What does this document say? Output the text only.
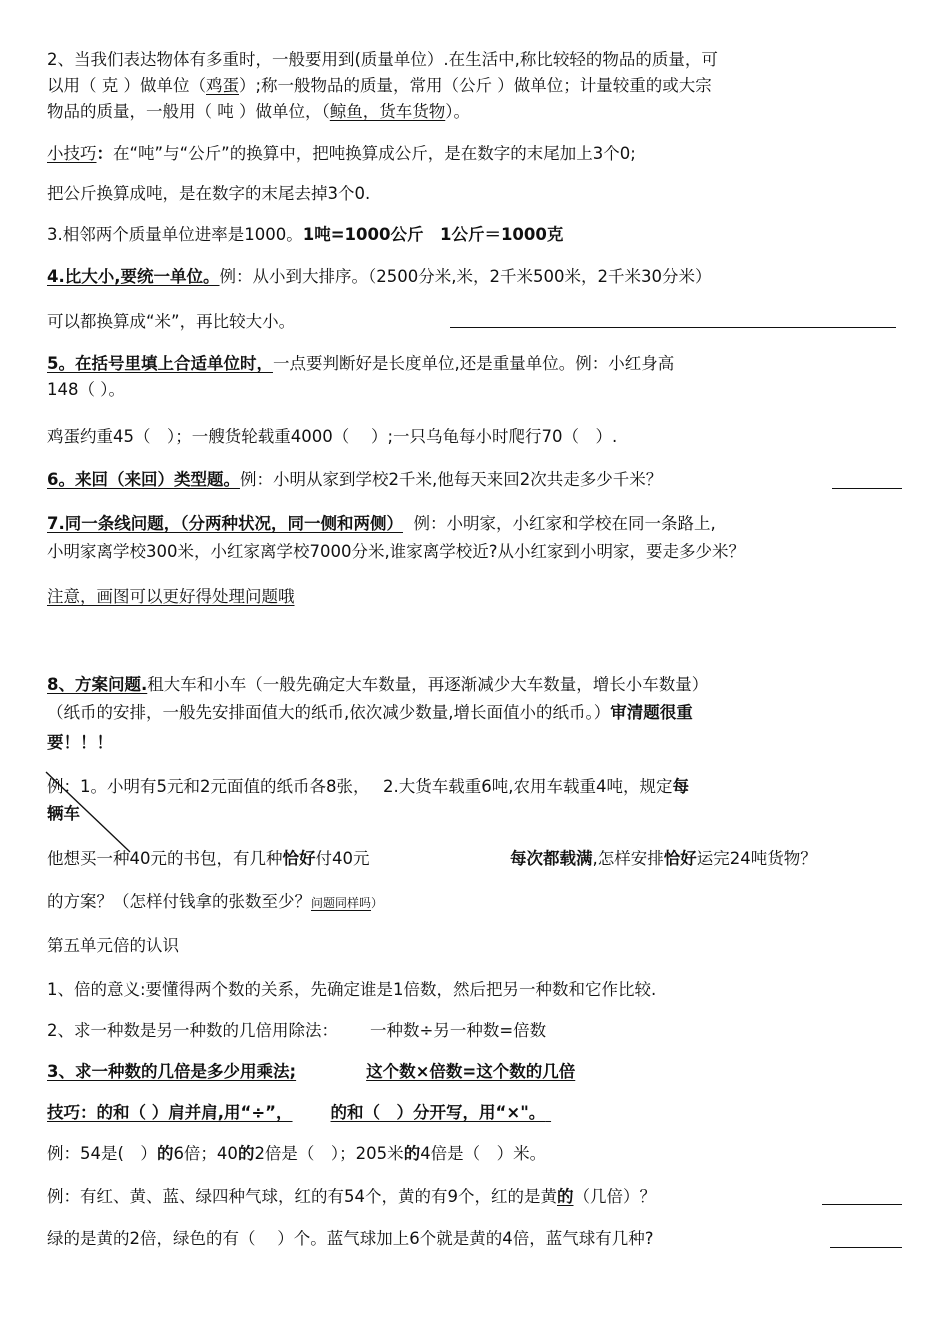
2、当我们表达物体有多重时，一般要用到(质量单位）.在生活中,称比较轻的物品的质量，可
以用（ 克 ）做单位（鸡蛋）;称一般物品的质量，常用（公斤 ）做单位；计量较重的或大宗
物品的质量，一般用（ 吨 ）做单位，（鲸鱼，货车货物）。
小技巧：在“吨”与“公斤”的换算中，把吨换算成公斤，是在数字的末尾加上3个0;
把公斤换算成吨，是在数字的末尾去掉3个0.
3.相邻两个质量单位进率是1000。1吨=1000公斤　1公斤＝1000克
4.比大小,要统一单位。例：从小到大排序。（2500分米,米，2千米500米，2千米30分米）
可以都换算成“米”，再比较大小。
5。在括号里填上合适单位时，一点要判断好是长度单位,还是重量单位。例：小红身高
148（ ）。
鸡蛋约重45（　）；一艘货轮载重4000（　 ）;一只乌龟每小时爬行70（　）.
6。来回（来回）类型题。例：小明从家到学校2千米,他每天来回2次共走多少千米？
7.同一条线问题，（分两种状况，同一侧和两侧） 例：小明家，小红家和学校在同一条路上,
小明家离学校300米，小红家离学校7000分米,谁家离学校近?从小红家到小明家，要走多少米？
注意，画图可以更好得处理问题哦
8、方案问题.租大车和小车（一般先确定大车数量，再逐渐减少大车数量，增长小车数量）
（纸币的安排，一般先安排面值大的纸币,依次减少数量,增长面值小的纸币。）审清题很重
要！！！
例：1。小明有5元和2元面值的纸币各8张，　 2.大货车载重6吨,农用车载重4吨，规定每
辆车
他想买一种40元的书包，有几种恰好付40元	每次都载满,怎样安排恰好运完24吨货物？
的方案？（怎样付钱拿的张数至少？问题同样吗）
第五单元倍的认识
1、倍的意义:要懂得两个数的关系，先确定谁是1倍数，然后把另一种数和它作比较.
2、求一种数是另一种数的几倍用除法： 一种数÷另一种数=倍数
3、求一种数的几倍是多少用乘法;	这个数×倍数=这个数的几倍
技巧：的和（ ）肩并肩,用“÷”， 的和（　）分开写，用“×"。
例：54是(　）的6倍；40的2倍是（　）；205米的4倍是（　）米。
例：有红、黄、蓝、绿四种气球，红的有54个，黄的有9个，红的是黄的（几倍）？
绿的是黄的2倍，绿色的有（　 ）个。蓝气球加上6个就是黄的4倍，蓝气球有几种?
